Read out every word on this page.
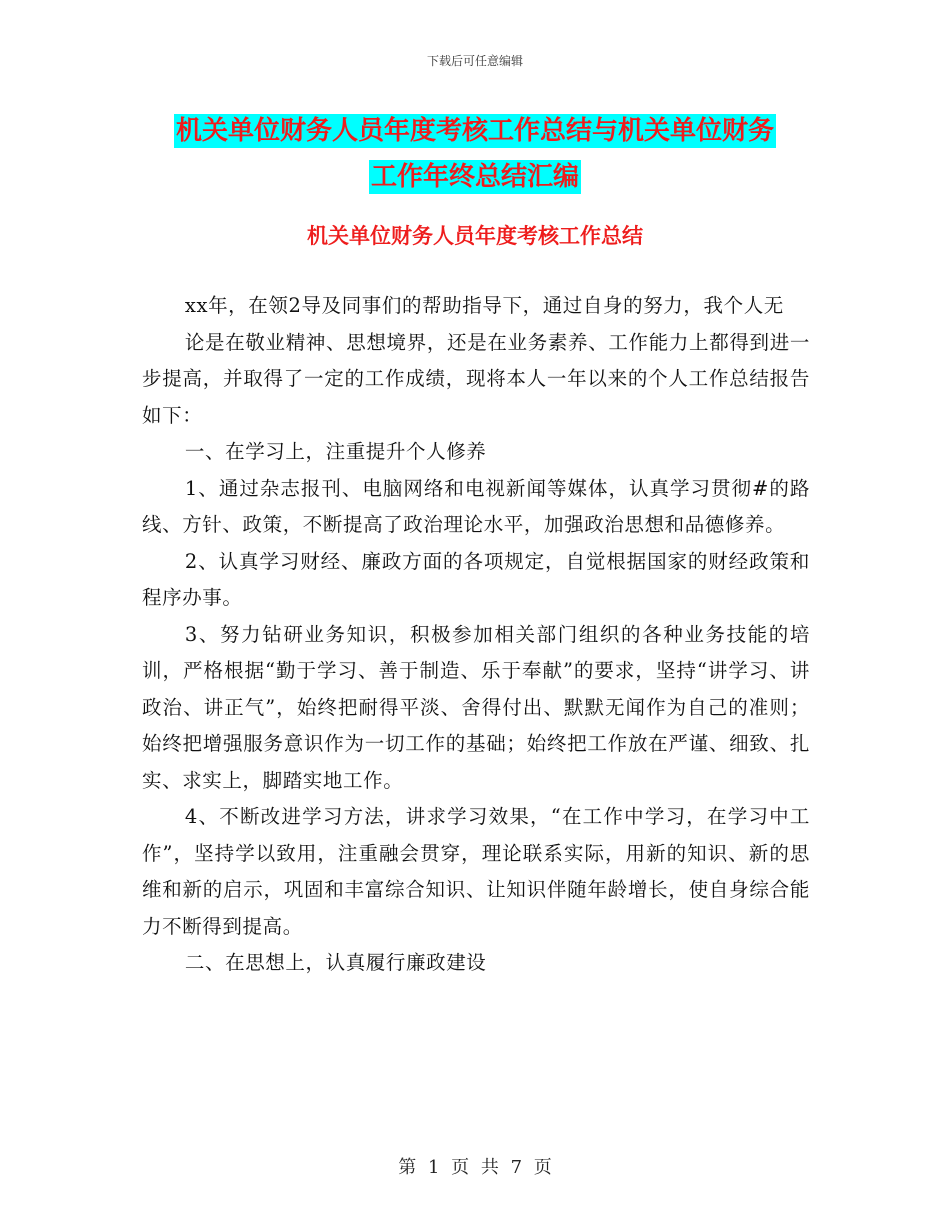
下载后可任意编辑
机关单位财务人员年度考核工作总结与机关单位财务
工作年终总结汇编
机关单位财务人员年度考核工作总结

xx年，在领2导及同事们的帮助指导下，通过自身的努力，我个人无

论是在敬业精神、思想境界，还是在业务素养、工作能力上都得到进一步提高，并取得了一定的工作成绩，现将本人一年以来的个人工作总结报告如下：

一、在学习上，注重提升个人修养

1、通过杂志报刊、电脑网络和电视新闻等媒体，认真学习贯彻#的路线、方针、政策，不断提高了政治理论水平，加强政治思想和品德修养。

2、认真学习财经、廉政方面的各项规定，自觉根据国家的财经政策和程序办事。

3、努力钻研业务知识，积极参加相关部门组织的各种业务技能的培训，严格根据“勤于学习、善于制造、乐于奉献”的要求，坚持“讲学习、讲政治、讲正气”，始终把耐得平淡、舍得付出、默默无闻作为自己的准则；始终把增强服务意识作为一切工作的基础；始终把工作放在严谨、细致、扎实、求实上，脚踏实地工作。

4、不断改进学习方法，讲求学习效果，“在工作中学习，在学习中工作”，坚持学以致用，注重融会贯穿，理论联系实际，用新的知识、新的思维和新的启示，巩固和丰富综合知识、让知识伴随年龄增长，使自身综合能力不断得到提高。

二、在思想上，认真履行廉政建设

第 1 页 共 7 页
